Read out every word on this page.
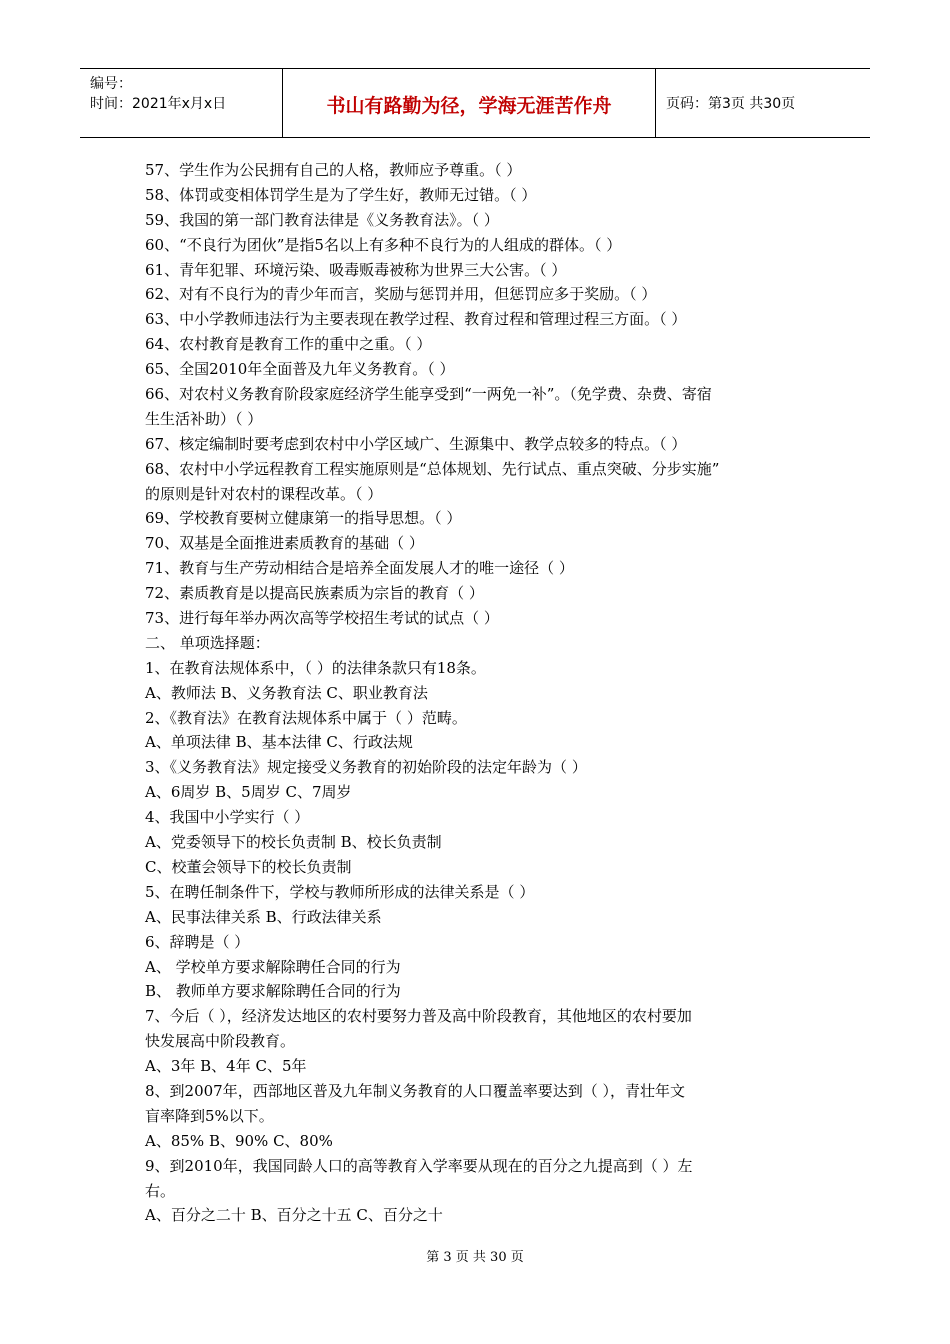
编号：
时间：2021年x月x日	书山有路勤为径，学海无涯苦作舟	页码：第3页 共30页
57、学生作为公民拥有自己的人格，教师应予尊重。（ ）
58、体罚或变相体罚学生是为了学生好，教师无过错。（ ）
59、我国的第一部门教育法律是《义务教育法》。（ ）
60、“不良行为团伙”是指5名以上有多种不良行为的人组成的群体。（ ）
61、青年犯罪、环境污染、吸毒贩毒被称为世界三大公害。（ ）
62、对有不良行为的青少年而言，奖励与惩罚并用，但惩罚应多于奖励。（ ）
63、中小学教师违法行为主要表现在教学过程、教育过程和管理过程三方面。（ ）
64、农村教育是教育工作的重中之重。（ ）
65、全国2010年全面普及九年义务教育。（ ）
66、对农村义务教育阶段家庭经济学生能享受到“一两免一补”。（免学费、杂费、寄宿
生生活补助）（ ）
67、核定编制时要考虑到农村中小学区域广、生源集中、教学点较多的特点。（ ）
68、农村中小学远程教育工程实施原则是“总体规划、先行试点、重点突破、分步实施”
的原则是针对农村的课程改革。（ ）
69、学校教育要树立健康第一的指导思想。（ ）
70、双基是全面推进素质教育的基础（ ）
71、教育与生产劳动相结合是培养全面发展人才的唯一途径（ ）
72、素质教育是以提高民族素质为宗旨的教育（ ）
73、进行每年举办两次高等学校招生考试的试点（ ）
二、 单项选择题：
1、在教育法规体系中，（ ）的法律条款只有18条。
A、教师法 B、义务教育法 C、职业教育法
2、《教育法》在教育法规体系中属于（ ）范畴。
A、单项法律 B、基本法律 C、行政法规
3、《义务教育法》规定接受义务教育的初始阶段的法定年龄为（ ）
A、6周岁 B、5周岁 C、7周岁
4、我国中小学实行（ ）
A、党委领导下的校长负责制 B、校长负责制
C、校董会领导下的校长负责制
5、在聘任制条件下，学校与教师所形成的法律关系是（ ）
A、民事法律关系 B、行政法律关系
6、辞聘是（ ）
A、 学校单方要求解除聘任合同的行为
B、 教师单方要求解除聘任合同的行为
7、今后（ ），经济发达地区的农村要努力普及高中阶段教育，其他地区的农村要加
快发展高中阶段教育。
A、3年 B、4年 C、5年
8、到2007年，西部地区普及九年制义务教育的人口覆盖率要达到（ ），青壮年文
盲率降到5%以下。
A、85% B、90% C、80%
9、到2010年，我国同龄人口的高等教育入学率要从现在的百分之九提高到（ ）左
右。
A、百分之二十 B、百分之十五 C、百分之十
第 3 页 共 30 页
